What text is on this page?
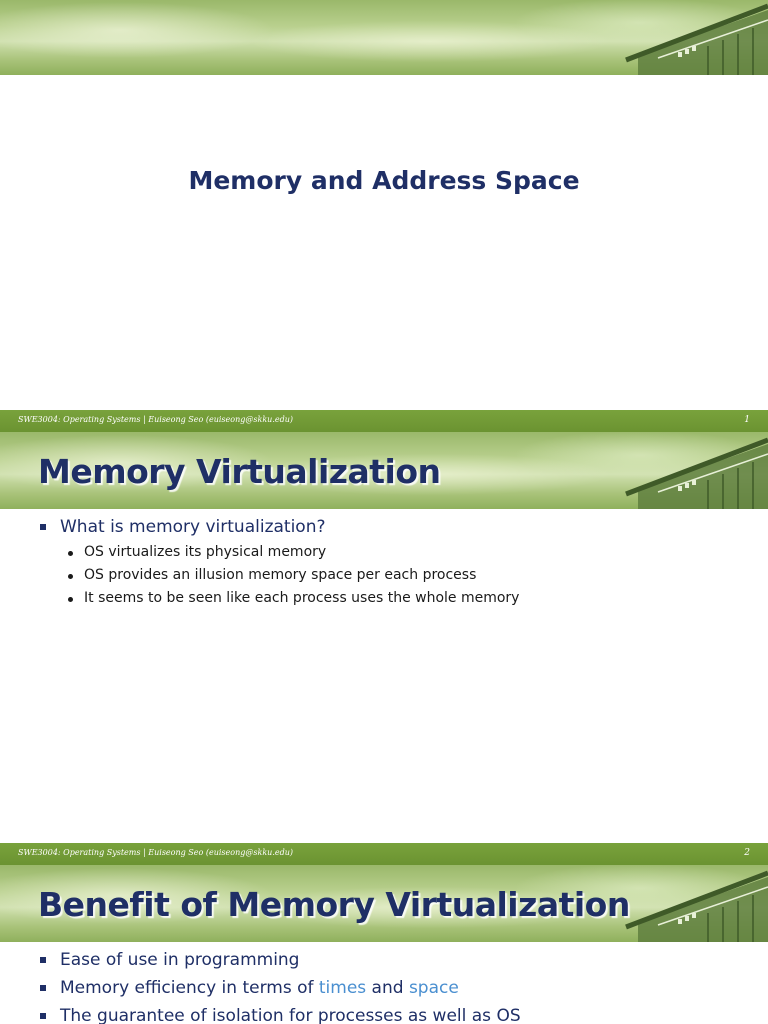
Memory and Address Space
SWE3004: Operating Systems | Euiseong Seo (euiseong@skku.edu)	1
Memory Virtualization
What is memory virtualization?
OS virtualizes its physical memory
OS provides an illusion memory space per each process
It seems to be seen like each process uses the whole memory
SWE3004: Operating Systems | Euiseong Seo (euiseong@skku.edu)	2
Benefit of Memory Virtualization
Ease of use in programming
Memory efficiency in terms of times and space
The guarantee of isolation for processes as well as OS
